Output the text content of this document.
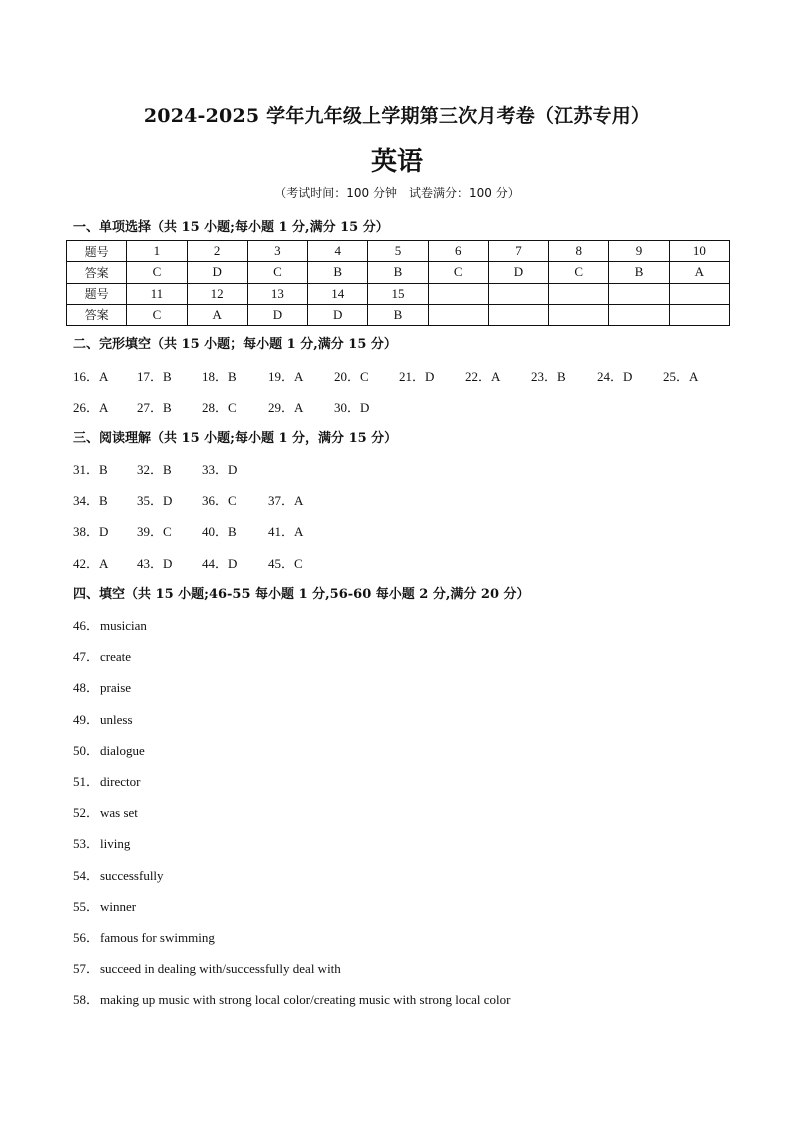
2024-2025 学年九年级上学期第三次月考卷（江苏专用）
英语
（考试时间：100 分钟　试卷满分：100 分）
一、单项选择（共 15 小题;每小题 1 分,满分 15 分）
题号	1	2	3	4	5	6	7	8	9	10
答案	C	D	C	B	B	C	D	C	B	A
题号	11	12	13	14	15					
答案	C	A	D	D	B					
二、完形填空（共 15 小题；每小题 1 分,满分 15 分）
16．A 17．B 18．B 19．A 20．C 21．D 22．A 23．B 24．D 25．A
26．A 27．B 28．C 29．A 30．D
三、阅读理解（共 15 小题;每小题 1 分，满分 15 分）
31．B 32．B 33．D
34．B 35．D 36．C 37．A
38．D 39．C 40．B 41．A
42．A 43．D 44．D 45．C
四、填空（共 15 小题;46-55 每小题 1 分,56-60 每小题 2 分,满分 20 分）
46．musician
47．create
48．praise
49．unless
50．dialogue
51．director
52．was set
53．living
54．successfully
55．winner
56．famous for swimming
57．succeed in dealing with/successfully deal with
58．making up music with strong local color/creating music with strong local color
